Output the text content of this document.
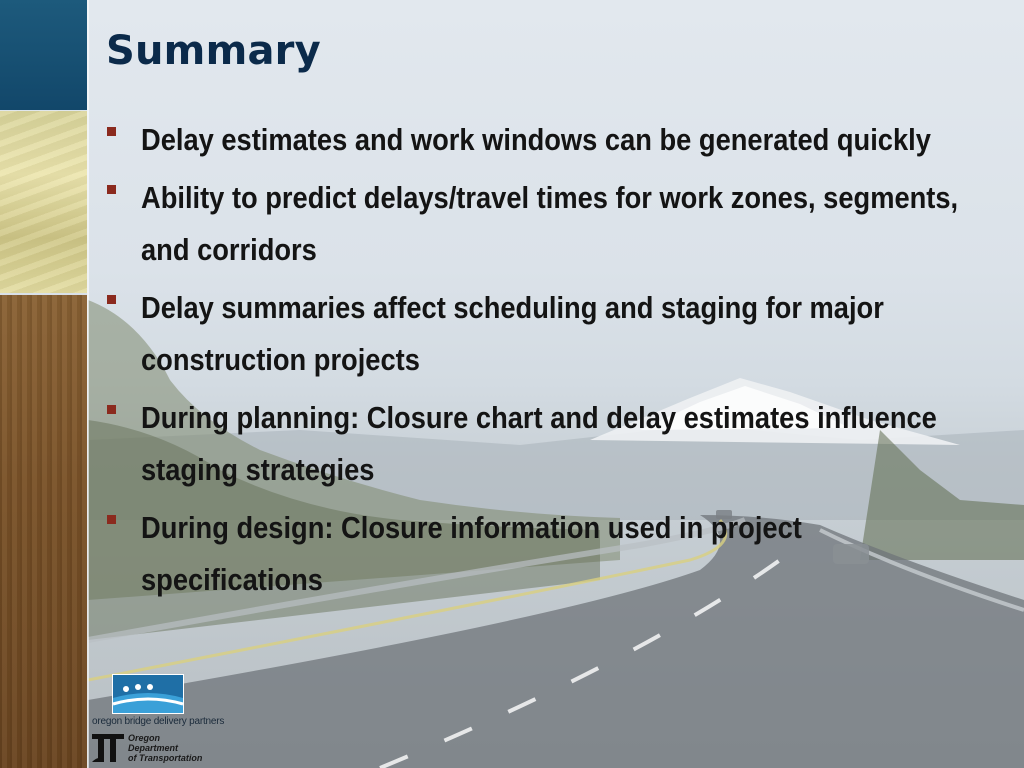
Summary
Delay estimates and work windows can be generated quickly
Ability to predict delays/travel times for work zones, segments, and corridors
Delay summaries affect scheduling and staging for major construction projects
During planning: Closure chart and delay estimates influence staging strategies
During design: Closure information used in project specifications
oregon bridge delivery partners
Oregon
Department
of Transportation
